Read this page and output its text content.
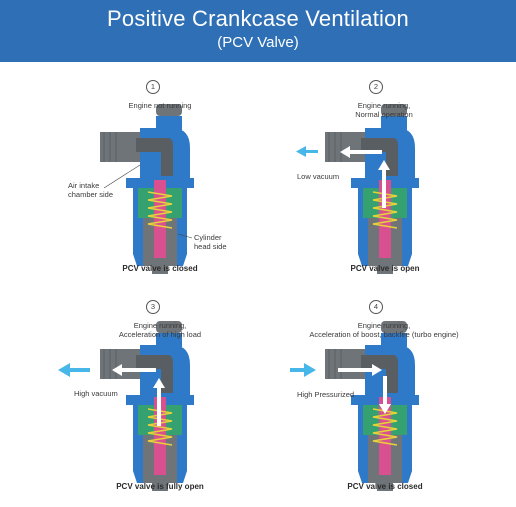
Positive Crankcase Ventilation
(PCV Valve)
1	2
3	4
Engine not running	Engine running,
Normal operation
Engine running,
Acceleration of high load
Engine running,
Acceleration of boost, backfire (turbo engine)
Air intake chamber side
Cylinder head side
Low vacuum
High vacuum	High Pressurized
PCV valve is closed	PCV valve is open
PCV valve is fully open	PCV valve is closed
